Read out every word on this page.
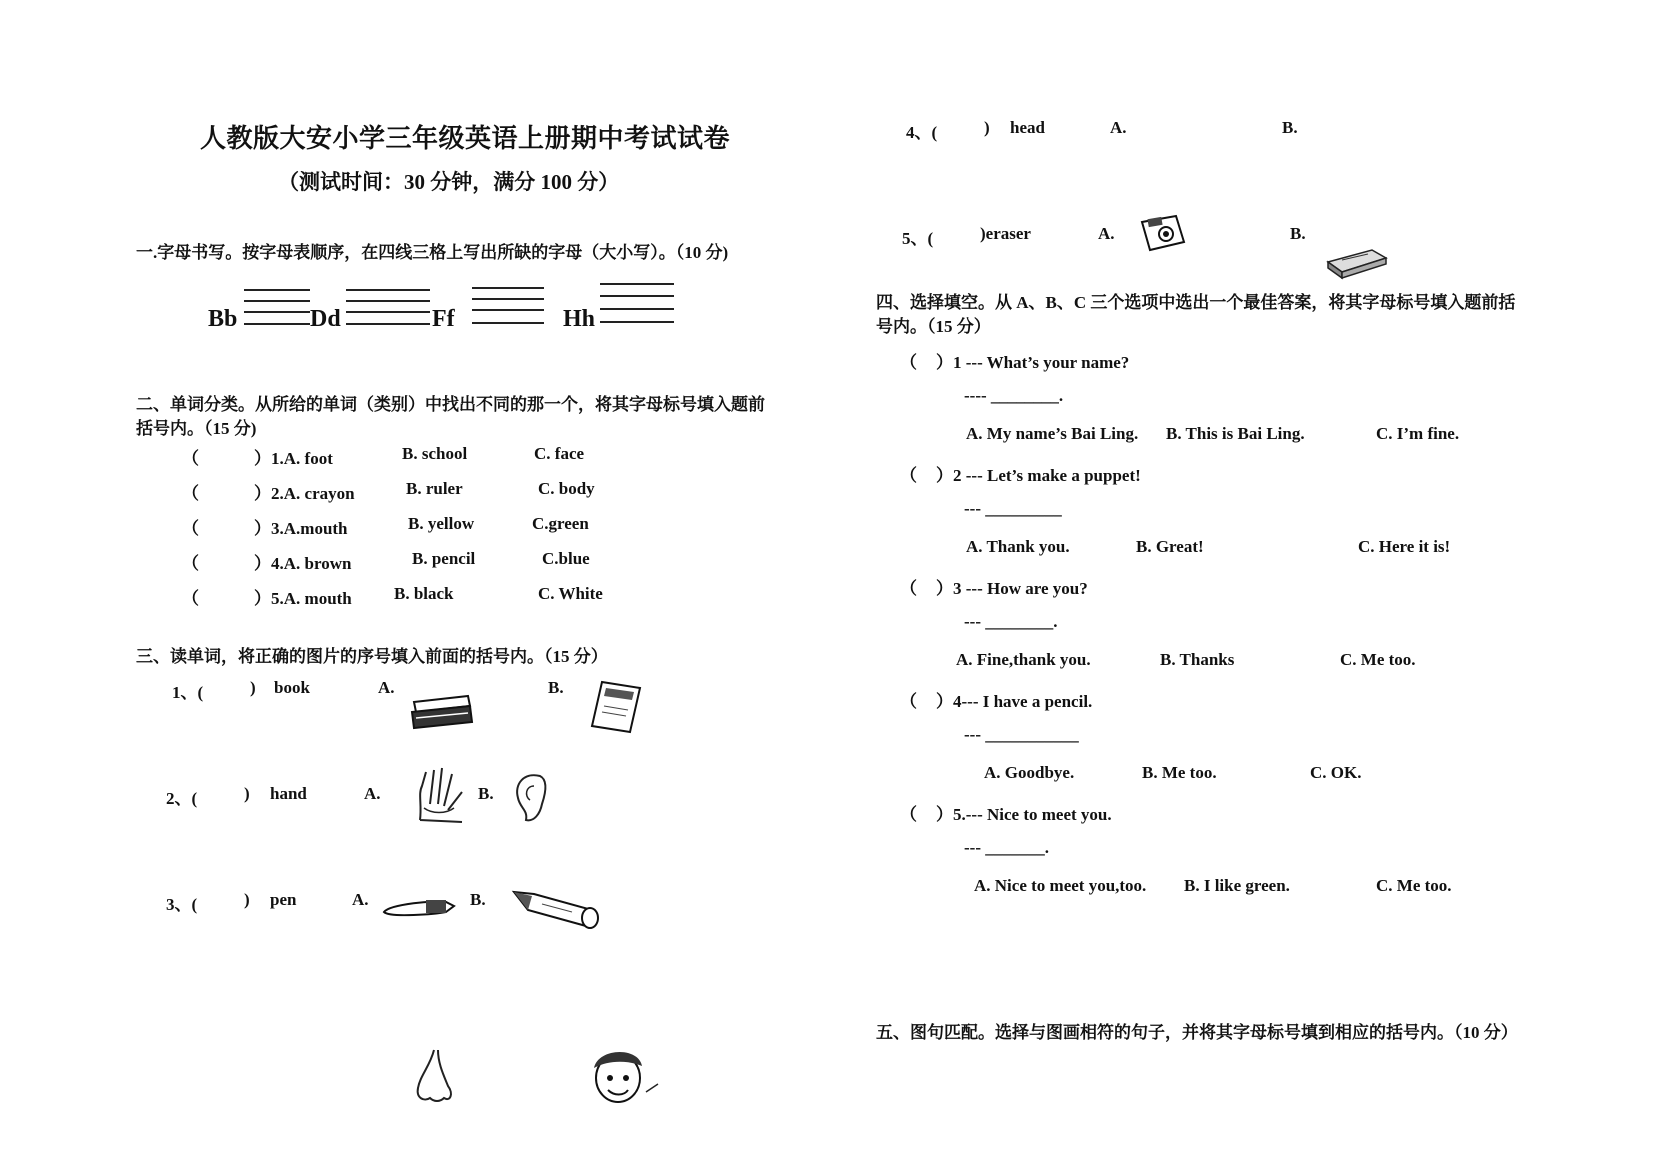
人教版大安小学三年级英语上册期中考试试卷
（测试时间：30 分钟，满分 100 分）
一.字母书写。按字母表顺序，在四线三格上写出所缺的字母（大小写）。（10 分)
Bb	Dd	Ff	Hh
二、单词分类。从所给的单词（类别）中找出不同的那一个，将其字母标号填入题前
括号内。（15 分)
（	）1.A. foot	B. school	C. face
（	）2.A. crayon	B. ruler	C. body
（	）3.A.mouth	B. yellow	C.green
（	）4.A. brown	B. pencil	C.blue
（	）5.A. mouth B. black	C. White
三、读单词，将正确的图片的序号填入前面的括号内。（15 分）
1、(	) book	A.	B.
2、(	) hand	A.	B.
3、(	) pen	A.	B.
4、(	) head	A.	B.
5、(	)eraser	A.	B.
四、选择填空。从 A、B、C 三个选项中选出一个最佳答案，将其字母标号填入题前括
号内。（15 分）
（ ）1 --- What’s your name?
---- ________.
A. My name’s Bai Ling. B. This is Bai Ling.	C. I’m fine.
（ ）2 --- Let’s make a puppet!
--- _________
A. Thank you.	B. Great!	C. Here it is!
（ ）3 --- How are you?
--- ________.
A. Fine,thank you.	B. Thanks	C. Me too.
（ ）4--- I have a pencil.
--- ___________
A. Goodbye.	B. Me too.	C. OK.
（ ）5.--- Nice to meet you.
--- _______.
A. Nice to meet you,too. B. I like green.	C. Me too.
五、图句匹配。选择与图画相符的句子，并将其字母标号填到相应的括号内。（10 分）
